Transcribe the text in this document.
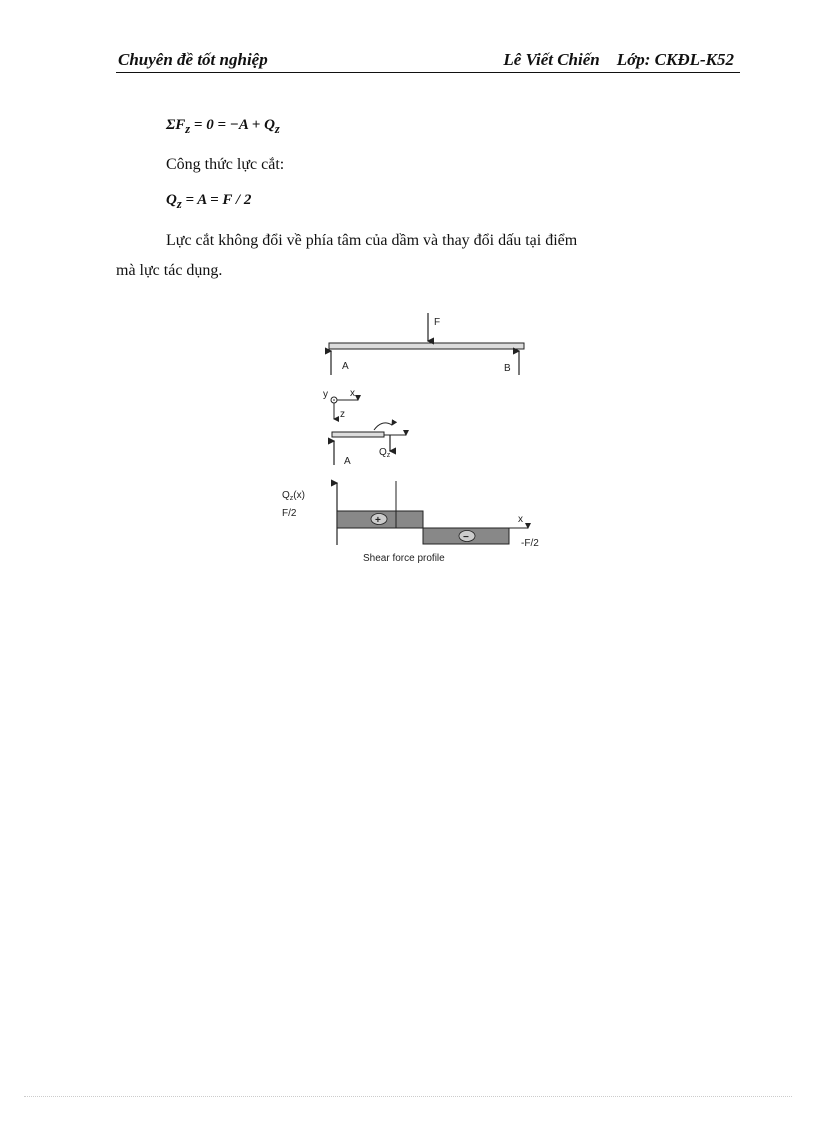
Chuyên đề tốt nghiệp	Lê Viết Chiến    Lớp: CKĐL-K52
$\Sigma F_z = 0 = -A + Q_z$
Công thức lực cắt:
$Q_z = A = F / 2$
Lực cắt không đổi về phía tâm của dầm và thay đổi dấu tại điểm
mà lực tác dụng.
F
A	B
y x
z
$Q_z$
A
$Q_z(x)$
F/2
x
+
−
-F/2
Shear force profile
